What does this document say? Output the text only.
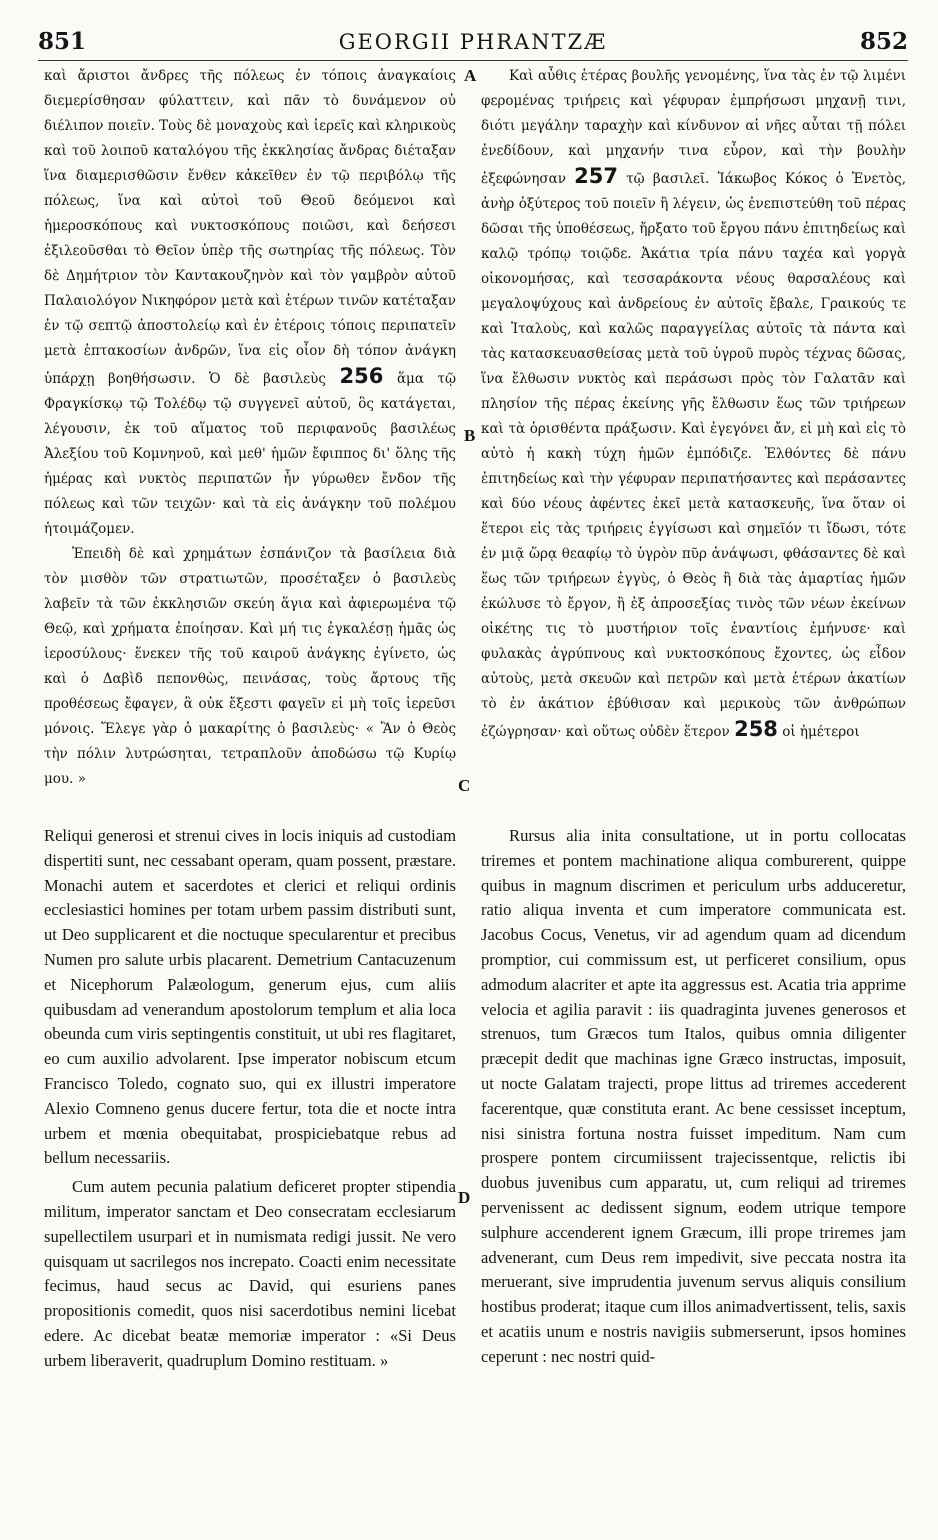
851	GEORGII PHRANTZÆ	852

καὶ ἄριστοι ἄνδρες τῆς πόλεως ἐν τόποις ἀναγκαίοις διεμερίσθησαν φύλαττειν, καὶ πᾶν τὸ δυνάμενον οὐ διέλιπον ποιεῖν. Τοὺς δὲ μοναχοὺς καὶ ἱερεῖς καὶ κληρικοὺς καὶ τοῦ λοιποῦ καταλόγου τῆς ἐκκλησίας ἄνδρας διέταξαν ἵνα διαμερισθῶσιν ἔνθεν κἀκεῖθεν ἐν τῷ περιβόλῳ τῆς πόλεως, ἵνα καὶ αὐτοὶ τοῦ Θεοῦ δεόμενοι καὶ ἡμεροσκόπους καὶ νυκτοσκόπους ποιῶσι, καὶ δεήσεσι ἐξιλεοῦσθαι τὸ Θεῖον ὑπὲρ τῆς σωτηρίας τῆς πόλεως. Τὸν δὲ Δημήτριον τὸν Καντακουζηνὸν καὶ τὸν γαμβρὸν αὐτοῦ Παλαιολόγον Νικηφόρον μετὰ καὶ ἑτέρων τινῶν κατέταξαν ἐν τῷ σεπτῷ ἀποστολείῳ καὶ ἐν ἑτέροις τόποις περιπατεῖν μετὰ ἑπτακοσίων ἀνδρῶν, ἵνα εἰς οἷον δὴ τόπον ἀνάγκη ὑπάρχῃ βοηθήσωσιν. Ὁ δὲ βασιλεὺς 256 ἅμα τῷ Φραγκίσκῳ τῷ Τολέδῳ τῷ συγγενεῖ αὐτοῦ, ὃς κατάγεται, λέγουσιν, ἐκ τοῦ αἵματος τοῦ περιφανοῦς βασιλέως Ἀλεξίου τοῦ Κομνηνοῦ, καὶ μεθ' ἡμῶν ἔφιππος δι' ὅλης τῆς ἡμέρας καὶ νυκτὸς περιπατῶν ἦν γύρωθεν ἔνδον τῆς πόλεως καὶ τῶν τειχῶν· καὶ τὰ εἰς ἀνάγκην τοῦ πολέμου ἡτοιμάζομεν.

Ἐπειδὴ δὲ καὶ χρημάτων ἐσπάνιζον τὰ βασίλεια διὰ τὸν μισθὸν τῶν στρατιωτῶν, προσέταξεν ὁ βασιλεὺς λαβεῖν τὰ τῶν ἐκκλησιῶν σκεύη ἅγια καὶ ἀφιερωμένα τῷ Θεῷ, καὶ χρήματα ἐποίησαν. Καὶ μή τις ἐγκαλέσῃ ἡμᾶς ὡς ἱεροσύλους· ἕνεκεν τῆς τοῦ καιροῦ ἀνάγκης ἐγίνετο, ὡς καὶ ὁ Δαβὶδ πεπονθὼς, πεινάσας, τοὺς ἄρτους τῆς προθέσεως ἔφαγεν, ἃ οὐκ ἔξεστι φαγεῖν εἰ μὴ τοῖς ἱερεῦσι μόνοις. Ἔλεγε γὰρ ὁ μακαρίτης ὁ βασιλεὺς· « Ἂν ὁ Θεὸς τὴν πόλιν λυτρώσηται, τετραπλοῦν ἀποδώσω τῷ Κυρίῳ μου. »

Καὶ αὖθις ἑτέρας βουλῆς γενομένης, ἵνα τὰς ἐν τῷ λιμένι φερομένας τριήρεις καὶ γέφυραν ἐμπρήσωσι μηχανῇ τινι, διότι μεγάλην ταραχὴν καὶ κίνδυνον αἱ νῆες αὗται τῇ πόλει ἐνεδίδουν, καὶ μηχανήν τινα εὗρον, καὶ τὴν βουλὴν ἐξεφώνησαν 257 τῷ βασιλεῖ. Ἰάκωβος Κόκος ὁ Ἐνετὸς, ἀνὴρ ὀξύτερος τοῦ ποιεῖν ἢ λέγειν, ὡς ἐνεπιστεύθη τοῦ πέρας δῶσαι τῆς ὑποθέσεως, ἤρξατο τοῦ ἔργου πάνυ ἐπιτηδείως καὶ καλῷ τρόπῳ τοιῷδε. Ἀκάτια τρία πάνυ ταχέα καὶ γοργὰ οἰκονομήσας, καὶ τεσσαράκοντα νέους θαρσαλέους καὶ μεγαλοψύχους καὶ ἀνδρείους ἐν αὐτοῖς ἔβαλε, Γραικούς τε καὶ Ἰταλοὺς, καὶ καλῶς παραγγείλας αὐτοῖς τὰ πάντα καὶ τὰς κατασκευασθείσας μετὰ τοῦ ὑγροῦ πυρὸς τέχνας δῶσας, ἵνα ἔλθωσιν νυκτὸς καὶ περάσωσι πρὸς τὸν Γαλατᾶν καὶ πλησίον τῆς πέρας ἐκείνης γῆς ἔλθωσιν ἕως τῶν τριήρεων καὶ τὰ ὁρισθέντα πράξωσιν. Καὶ ἐγεγόνει ἄν, εἰ μὴ καὶ εἰς τὸ αὐτὸ ἡ κακὴ τύχη ἡμῶν ἐμπόδιζε. Ἐλθόντες δὲ πάνυ ἐπιτηδείως καὶ τὴν γέφυραν περιπατήσαντες καὶ περάσαντες καὶ δύο νέους ἀφέντες ἐκεῖ μετὰ κατασκευῆς, ἵνα ὅταν οἱ ἕτεροι εἰς τὰς τριήρεις ἐγγίσωσι καὶ σημεῖόν τι ἴδωσι, τότε ἐν μιᾷ ὥρᾳ θεαφίῳ τὸ ὑγρὸν πῦρ ἀνάψωσι, φθάσαντες δὲ καὶ ἕως τῶν τριήρεων ἐγγὺς, ὁ Θεὸς ἢ διὰ τὰς ἁμαρτίας ἡμῶν ἐκώλυσε τὸ ἔργον, ἢ ἐξ ἀπροσεξίας τινὸς τῶν νέων ἐκείνων οἰκέτης τις τὸ μυστήριον τοῖς ἐναντίοις ἐμήνυσε· καὶ φυλακὰς ἀγρύπνους καὶ νυκτοσκόπους ἔχοντες, ὡς εἶδον αὐτοὺς, μετὰ σκευῶν καὶ πετρῶν καὶ μετὰ ἑτέρων ἀκατίων τὸ ἐν ἀκάτιον ἐβύθισαν καὶ μερικοὺς τῶν ἀνθρώπων ἐζώγρησαν· καὶ οὕτως οὐδὲν ἕτερον 258 οἱ ἡμέτεροι

A
B
C
D

Reliqui generosi et strenui cives in locis iniquis ad custodiam dispertiti sunt, nec cessabant operam, quam possent, præstare. Monachi autem et sacerdotes et clerici et reliqui ordinis ecclesiastici homines per totam urbem passim distributi sunt, ut Deo supplicarent et die noctuque specularentur et precibus Numen pro salute urbis placarent. Demetrium Cantacuzenum et Nicephorum Palæologum, generum ejus, cum aliis quibusdam ad venerandum apostolorum templum et alia loca obeunda cum viris septingentis constituit, ut ubi res flagitaret, eo cum auxilio advolarent. Ipse imperator nobiscum etcum Francisco Toledo, cognato suo, qui ex illustri imperatore Alexio Comneno genus ducere fertur, tota die et nocte intra urbem et mœnia obequitabat, prospiciebatque rebus ad bellum necessariis.

Cum autem pecunia palatium deficeret propter stipendia militum, imperator sanctam et Deo consecratam ecclesiarum supellectilem usurpari et in numismata redigi jussit. Ne vero quisquam ut sacrilegos nos increpato. Coacti enim necessitate fecimus, haud secus ac David, qui esuriens panes propositionis comedit, quos nisi sacerdotibus nemini licebat edere. Ac dicebat beatæ memoriæ imperator : «Si Deus urbem liberaverit, quadruplum Domino restituam. »

Rursus alia inita consultatione, ut in portu collocatas triremes et pontem machinatione aliqua comburerent, quippe quibus in magnum discrimen et periculum urbs adduceretur, ratio aliqua inventa et cum imperatore communicata est. Jacobus Cocus, Venetus, vir ad agendum quam ad dicendum promptior, cui commissum est, ut perficeret consilium, opus admodum alacriter et apte ita aggressus est. Acatia tria apprime velocia et agilia paravit : iis quadraginta juvenes generosos et strenuos, tum Græcos tum Italos, quibus omnia diligenter præcepit dedit que machinas igne Græco instructas, imposuit, ut nocte Galatam trajecti, prope littus ad triremes accederent facerentque, quæ constituta erant. Ac bene cessisset inceptum, nisi sinistra fortuna nostra fuisset impeditum. Nam cum prospere pontem circumiissent trajecissentque, relictis ibi duobus juvenibus cum apparatu, ut, cum reliqui ad triremes pervenissent ac dedissent signum, eodem utrique tempore sulphure accenderent ignem Græcum, illi prope triremes jam advenerant, cum Deus rem impedivit, sive peccata nostra ita meruerant, sive imprudentia juvenum servus aliquis consilium hostibus proderat; itaque cum illos animadvertissent, telis, saxis et acatiis unum e nostris navigiis submerserunt, ipsos homines ceperunt : nec nostri quid-
